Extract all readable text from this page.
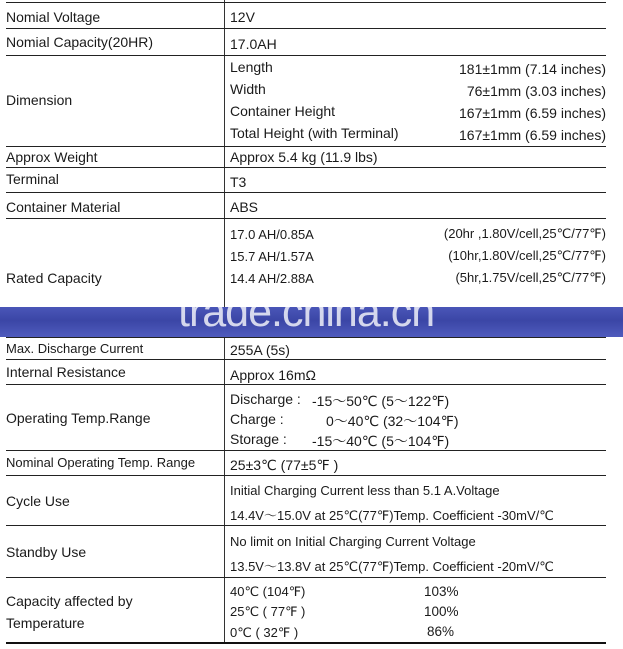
Nomial Voltage	12V
Nomial Capacity(20HR)	17.0AH
Dimension
Length	181±1mm (7.14 inches)
Width	76±1mm (3.03 inches)
Container Height	167±1mm (6.59 inches)
Total Height (with Terminal)	167±1mm (6.59 inches)
Approx Weight	Approx 5.4 kg (11.9 lbs)
Terminal	T3
Container Material	ABS
Rated Capacity
17.0 AH/0.85A	(20hr ,1.80V/cell,25℃/77℉)
15.7 AH/1.57A	(10hr,1.80V/cell,25℃/77℉)
14.4 AH/2.88A	(5hr,1.75V/cell,25℃/77℉)
trade.china.cn
Max. Discharge Current	255A (5s)
Internal Resistance	Approx 16mΩ
Operating Temp.Range
Discharge : -15～50℃ (5～122℉)
Charge :	0～40℃ (32～104℉)
Storage : -15～40℃ (5～104℉)
Nominal Operating Temp. Range 25±3℃ (77±5℉ )
Cycle Use
Initial Charging Current less than 5.1 A.Voltage
14.4V～15.0V at 25℃(77℉)Temp. Coefficient -30mV/℃
Standby Use
No limit on Initial Charging Current Voltage
13.5V～13.8V at 25℃(77℉)Temp. Coefficient -20mV/℃
Capacity affected by
Temperature
40℃ (104℉)	103%
25℃ ( 77℉ )	100%
0℃ ( 32℉ )	86%
